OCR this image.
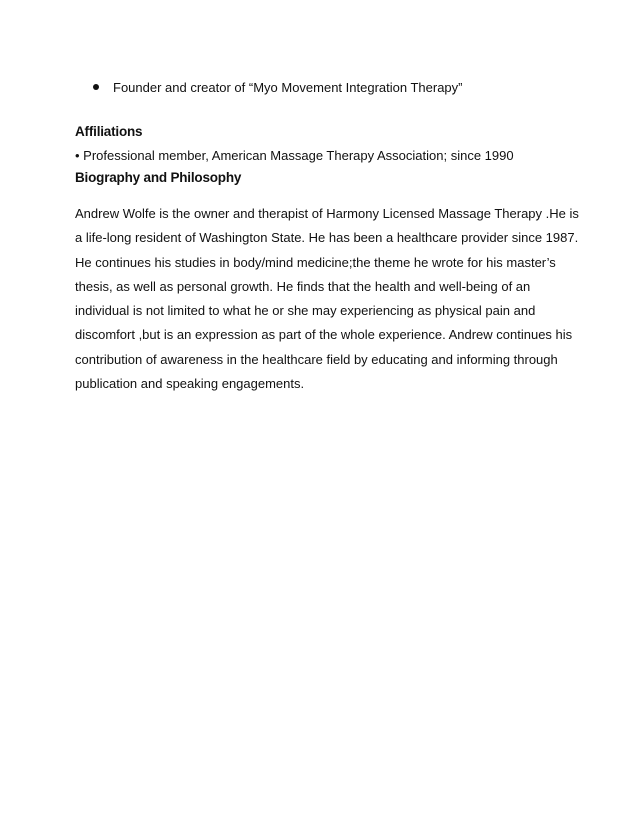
Founder and creator of “Myo Movement Integration Therapy”
Affiliations
• Professional member, American Massage Therapy Association; since 1990
Biography and Philosophy
Andrew Wolfe is the owner and therapist of Harmony Licensed Massage Therapy .He is
a life-long resident of Washington State. He has been a healthcare provider since 1987.
He continues his studies in body/mind medicine;the theme he wrote for his master’s
thesis, as well as personal growth. He finds that the health and well-being of an
individual is not limited to what he or she may experiencing as physical pain and
discomfort ,but is an expression as part of the whole experience. Andrew continues his
contribution of awareness in the healthcare field by educating and informing through
publication and speaking engagements.
